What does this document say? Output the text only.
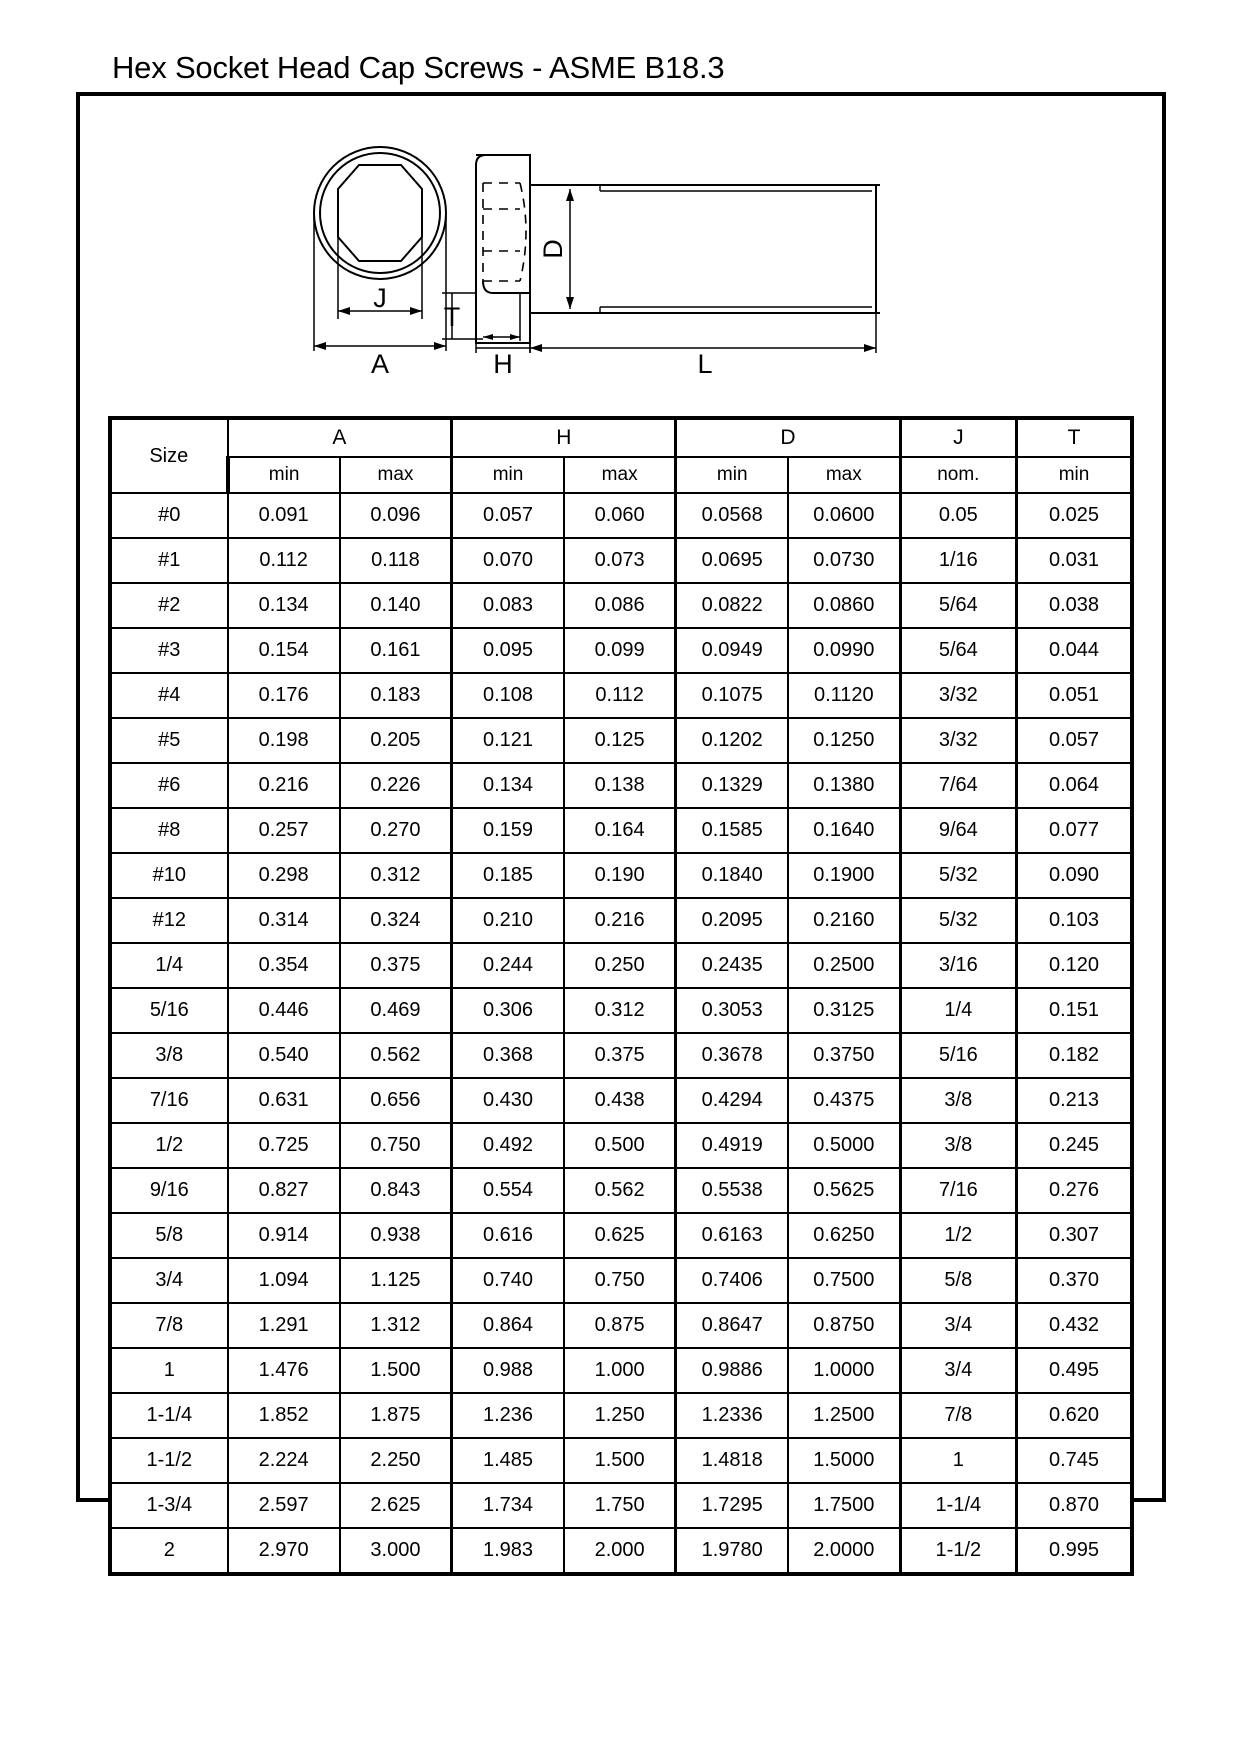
Hex Socket Head Cap Screws - ASME B18.3
J
A
T
H
D
L
Size	A		H		D		J	T
	min	max	min	max	min	max	nom.	min
#0	0.091	0.096	0.057	0.060	0.0568	0.0600	0.05	0.025
#1	0.112	0.118	0.070	0.073	0.0695	0.0730	1/16	0.031
#2	0.134	0.140	0.083	0.086	0.0822	0.0860	5/64	0.038
#3	0.154	0.161	0.095	0.099	0.0949	0.0990	5/64	0.044
#4	0.176	0.183	0.108	0.112	0.1075	0.1120	3/32	0.051
#5	0.198	0.205	0.121	0.125	0.1202	0.1250	3/32	0.057
#6	0.216	0.226	0.134	0.138	0.1329	0.1380	7/64	0.064
#8	0.257	0.270	0.159	0.164	0.1585	0.1640	9/64	0.077
#10	0.298	0.312	0.185	0.190	0.1840	0.1900	5/32	0.090
#12	0.314	0.324	0.210	0.216	0.2095	0.2160	5/32	0.103
1/4	0.354	0.375	0.244	0.250	0.2435	0.2500	3/16	0.120
5/16	0.446	0.469	0.306	0.312	0.3053	0.3125	1/4	0.151
3/8	0.540	0.562	0.368	0.375	0.3678	0.3750	5/16	0.182
7/16	0.631	0.656	0.430	0.438	0.4294	0.4375	3/8	0.213
1/2	0.725	0.750	0.492	0.500	0.4919	0.5000	3/8	0.245
9/16	0.827	0.843	0.554	0.562	0.5538	0.5625	7/16	0.276
5/8	0.914	0.938	0.616	0.625	0.6163	0.6250	1/2	0.307
3/4	1.094	1.125	0.740	0.750	0.7406	0.7500	5/8	0.370
7/8	1.291	1.312	0.864	0.875	0.8647	0.8750	3/4	0.432
1	1.476	1.500	0.988	1.000	0.9886	1.0000	3/4	0.495
1-1/4	1.852	1.875	1.236	1.250	1.2336	1.2500	7/8	0.620
1-1/2	2.224	2.250	1.485	1.500	1.4818	1.5000	1	0.745
1-3/4	2.597	2.625	1.734	1.750	1.7295	1.7500	1-1/4	0.870
2	2.970	3.000	1.983	2.000	1.9780	2.0000	1-1/2	0.995
